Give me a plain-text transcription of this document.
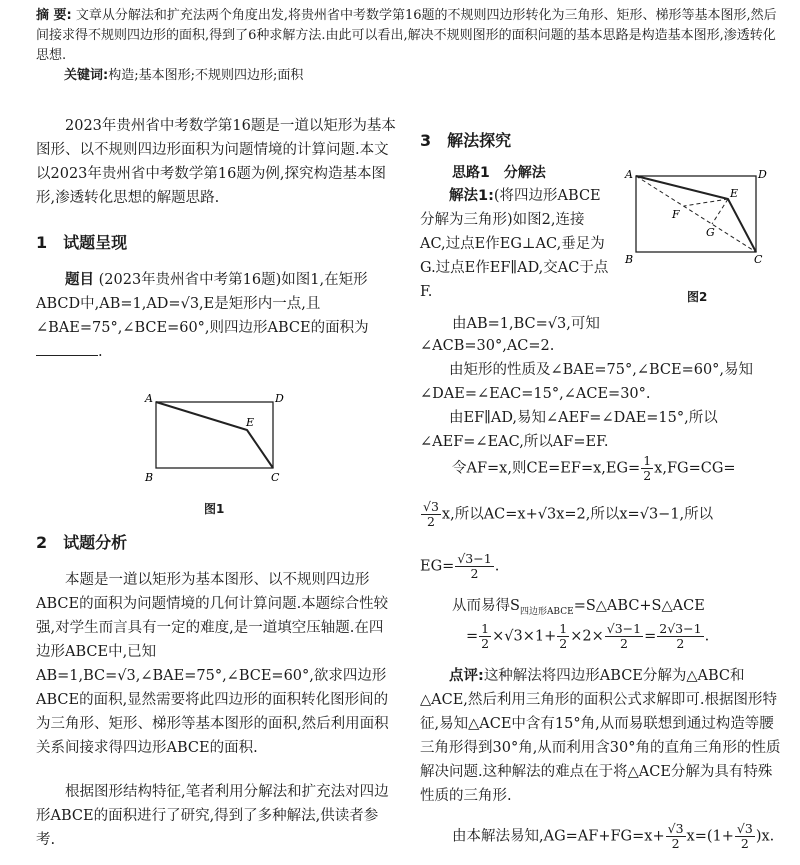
摘 要: 文章从分解法和扩充法两个角度出发,将贵州省中考数学第16题的不规则四边形转化为三角形、矩形、梯形等基本图形,然后间接求得不规则四边形的面积,得到了6种求解方法.由此可以看出,解决不规则图形的面积问题的基本思路是构造基本图形,渗透转化思想.
关键词:构造;基本图形;不规则四边形;面积

2023年贵州省中考数学第16题是一道以矩形为基本图形、以不规则四边形面积为问题情境的计算问题.本文以2023年贵州省中考数学第16题为例,探究构造基本图形,渗透转化思想的解题思路.

1　试题呈现

题目 (2023年贵州省中考第16题)如图1,在矩形ABCD中,AB=1,AD=√3,E是矩形内一点,且∠BAE=75°,∠BCE=60°,则四边形ABCE的面积为.

A	D
E
B	C
图1
2　试题分析

本题是一道以矩形为基本图形、以不规则四边形ABCE的面积为问题情境的几何计算问题.本题综合性较强,对学生而言具有一定的难度,是一道填空压轴题.在四边形ABCE中,已知AB=1,BC=√3,∠BAE=75°,∠BCE=60°,欲求四边形ABCE的面积,显然需要将此四边形的面积转化图形间的为三角形、矩形、梯形等基本图形的面积,然后利用面积关系间接求得四边形ABCE的面积.

根据图形结构特征,笔者利用分解法和扩充法对四边形ABCE的面积进行了研究,得到了多种解法,供读者参考.

3　解法探究
思路1　分解法

解法1:(将四边形ABCE分解为三角形)如图2,连接AC,过点E作EG⊥AC,垂足为G.过点E作EF∥AD,交AC于点F.

A	D
E
F
G
B	C
图2
由AB=1,BC=√3,可知
∠ACB=30°,AC=2.

由矩形的性质及∠BAE=75°,∠BCE=60°,易知∠DAE=∠EAC=15°,∠ACE=30°.

由EF∥AD,易知∠AEF=∠DAE=15°,所以∠AEF=∠EAC,所以AF=EF.

令AF=x,则$CE=EF=x,EG= \frac{1}{2} x,FG=CG=$
$\frac{√3}{2} x$,所以AC=x+√3x=2,所以x=√3−1,所以
$EG= \frac{√3-1}{2}$ .
从而易得$S_{四边形ABCE}=S\triangle ABC+S\triangle ACE$
= $\frac{1}{2} \times√3\times 1+ \frac{1}{2} \times 2\times \frac{√3-1}{2} = \frac{2√3-1}{2}$ .

点评:这种解法将四边形ABCE分解为△ABC和△ACE,然后利用三角形的面积公式求解即可.根据图形特征,易知△ACE中含有15°角,从而易联想到通过构造等腰三角形得到30°角,从而利用含30°角的直角三角形的性质解决问题.这种解法的难点在于将△ACE分解为具有特殊性质的三角形.

由本解法易知$,AG=AF+FG=x+ \frac{√3}{2} x=(1+ \frac{√3}{2} )x$.
